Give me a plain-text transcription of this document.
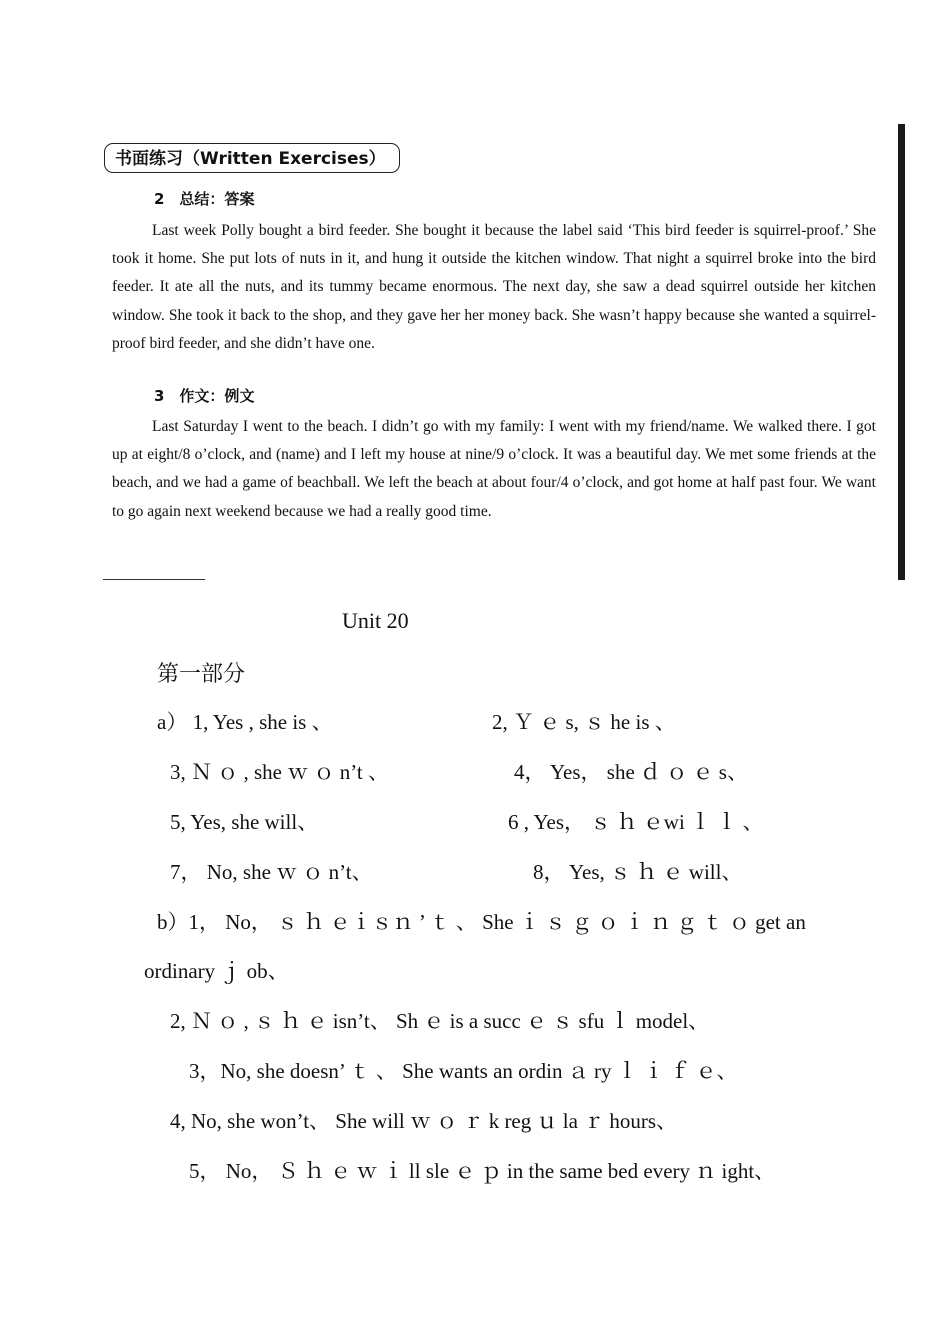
书面练习（Written Exercises）
2　总结：答案

Last week Polly bought a bird feeder. She bought it because the label said ‘This bird feeder is squirrel-proof.’ She took it home. She put lots of nuts in it, and hung it outside the kitchen window. That night a squirrel broke into the bird feeder. It ate all the nuts, and its tummy became enormous. The next day, she saw a dead squirrel outside her kitchen window. She took it back to the shop, and they gave her her money back. She wasn’t happy because she wanted a squirrel-proof bird feeder, and she didn’t have one.

3　作文：例文

Last Saturday I went to the beach. I didn’t go with my family: I went with my friend/name. We walked there. I got up at eight/8 o’clock, and (name) and I left my house at nine/9 o’clock. It was a beautiful day. We met some friends at the beach, and we had a game of beachball. We left the beach at about four/4 o’clock, and got home at half past four. We want to go again next weekend because we had a really good time.

Unit 20
第一部分
a） 1, Yes , she is 、	2, Ｙ ｅ s, ｓ he is 、
3, Ｎ ｏ , she ｗ ｏ n’t 、	4， Yes， she ｄ ｏ ｅ s、
5, Yes, she will、	6 , Yes， ｓ ｈ ｅwi ｌ ｌ 、
7， No, she ｗ ｏ n’t、	8， Yes, ｓ ｈ ｅ will、
b）1， No， ｓ ｈ ｅｉｓｎ ’ ｔ 、 She ｉ ｓ ｇ ｏ ｉ ｎ ｇ ｔ ｏ get an
ordinary ｊ ob、
2, Ｎ ｏ , ｓ ｈ ｅ isn’t、 Sh ｅ is a succ ｅ ｓ sfu ｌ model、
3，No, she doesn’ ｔ 、 She wants an ordin ａ ry ｌ ｉ ｆ ｅ、
4, No, she won’t、 She will ｗ ｏ ｒ k reg ｕ la ｒ hours、
5， No， Ｓ ｈ ｅ ｗ ｉ ll sle ｅ ｐ in the same bed every ｎ ight、
